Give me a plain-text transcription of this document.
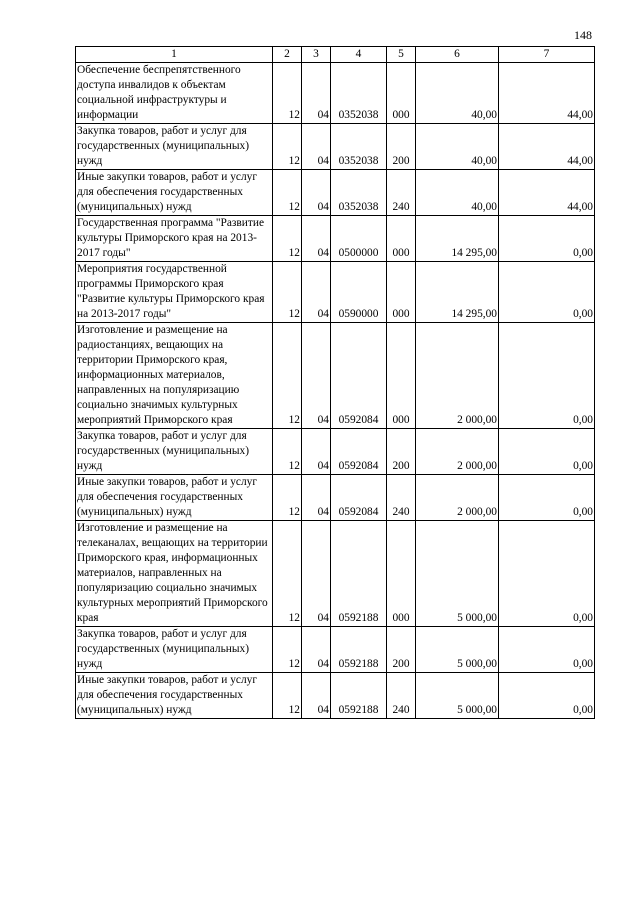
148
1	2	3	4	5	6	7
Обеспечение беспрепятственного доступа инвалидов к объектам социальной инфраструктуры и информации	12	04	0352038	000	40,00	44,00
Закупка товаров, работ и услуг для государственных (муниципальных) нужд	12	04	0352038	200	40,00	44,00
Иные закупки товаров, работ и услуг для обеспечения государственных (муниципальных) нужд	12	04	0352038	240	40,00	44,00
Государственная программа "Развитие культуры Приморского края на 2013-2017 годы"	12	04	0500000	000	14 295,00	0,00
Мероприятия государственной программы Приморского края "Развитие культуры Приморского края на 2013-2017 годы"	12	04	0590000	000	14 295,00	0,00
Изготовление и размещение на радиостанциях, вещающих на территории Приморского края, информационных материалов, направленных на популяризацию социально значимых культурных мероприятий Приморского края	12	04	0592084	000	2 000,00	0,00
Закупка товаров, работ и услуг для государственных (муниципальных) нужд	12	04	0592084	200	2 000,00	0,00
Иные закупки товаров, работ и услуг для обеспечения государственных (муниципальных) нужд	12	04	0592084	240	2 000,00	0,00
Изготовление и размещение на телеканалах, вещающих на территории Приморского края, информационных материалов, направленных на популяризацию социально значимых культурных мероприятий Приморского края	12	04	0592188	000	5 000,00	0,00
Закупка товаров, работ и услуг для государственных (муниципальных) нужд	12	04	0592188	200	5 000,00	0,00
Иные закупки товаров, работ и услуг для обеспечения государственных (муниципальных) нужд	12	04	0592188	240	5 000,00	0,00
